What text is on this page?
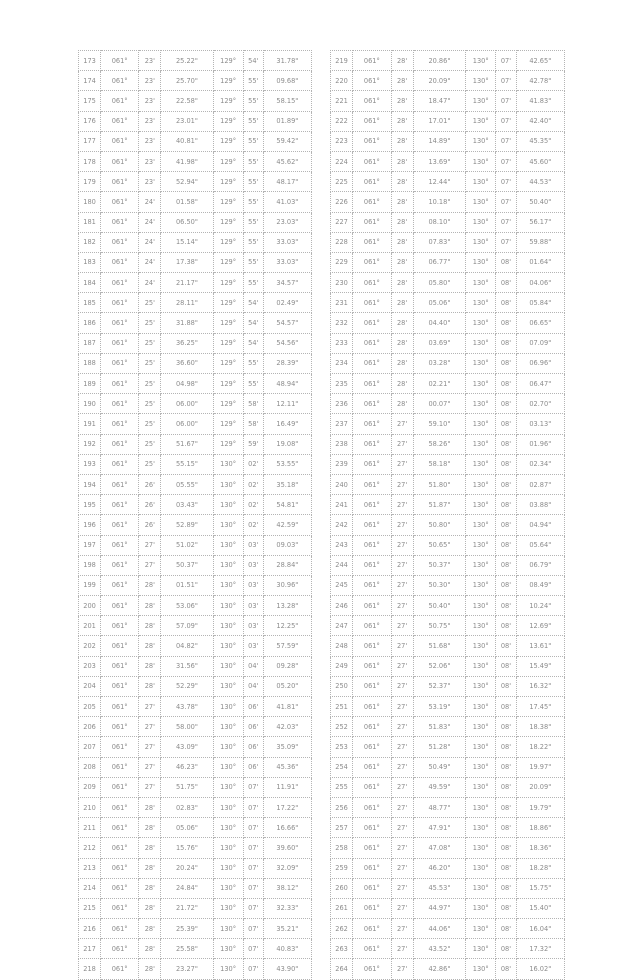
173	061°	23'	25.22"	129°	54'	31.78"
174	061°	23'	25.70"	129°	55'	09.68"
175	061°	23'	22.58"	129°	55'	58.15"
176	061°	23'	23.01"	129°	55'	01.89"
177	061°	23'	40.81"	129°	55'	59.42"
178	061°	23'	41.98"	129°	55'	45.62"
179	061°	23'	52.94"	129°	55'	48.17"
180	061°	24'	01.58"	129°	55'	41.03"
181	061°	24'	06.50"	129°	55'	23.03"
182	061°	24'	15.14"	129°	55'	33.03"
183	061°	24'	17.38"	129°	55'	33.03"
184	061°	24'	21.17"	129°	55'	34.57"
185	061°	25'	28.11"	129°	54'	02.49"
186	061°	25'	31.88"	129°	54'	54.57"
187	061°	25'	36.25"	129°	54'	54.56"
188	061°	25'	36.60"	129°	55'	28.39"
189	061°	25'	04.98"	129°	55'	48.94"
190	061°	25'	06.00"	129°	58'	12.11"
191	061°	25'	06.00"	129°	58'	16.49"
192	061°	25'	51.67"	129°	59'	19.08"
193	061°	25'	55.15"	130°	02'	53.55"
194	061°	26'	05.55"	130°	02'	35.18"
195	061°	26'	03.43"	130°	02'	54.81"
196	061°	26'	52.89"	130°	02'	42.59"
197	061°	27'	51.02"	130°	03'	09.03"
198	061°	27'	50.37"	130°	03'	28.84"
199	061°	28'	01.51"	130°	03'	30.96"
200	061°	28'	53.06"	130°	03'	13.28"
201	061°	28'	57.09"	130°	03'	12.25"
202	061°	28'	04.82"	130°	03'	57.59"
203	061°	28'	31.56"	130°	04'	09.28"
204	061°	28'	52.29"	130°	04'	05.20"
205	061°	27'	43.78"	130°	06'	41.81"
206	061°	27'	58.00"	130°	06'	42.03"
207	061°	27'	43.09"	130°	06'	35.09"
208	061°	27'	46.23"	130°	06'	45.36"
209	061°	27'	51.75"	130°	07'	11.91"
210	061°	28'	02.83"	130°	07'	17.22"
211	061°	28'	05.06"	130°	07'	16.66"
212	061°	28'	15.76"	130°	07'	39.60"
213	061°	28'	20.24"	130°	07'	32.09"
214	061°	28'	24.84"	130°	07'	38.12"
215	061°	28'	21.72"	130°	07'	32.33"
216	061°	28'	25.39"	130°	07'	35.21"
217	061°	28'	25.58"	130°	07'	40.83"
218	061°	28'	23.27"	130°	07'	43.90"
219	061°	28'	20.86"	130°	07'	42.65"
220	061°	28'	20.09"	130°	07'	42.78"
221	061°	28'	18.47"	130°	07'	41.83"
222	061°	28'	17.01"	130°	07'	42.40"
223	061°	28'	14.89"	130°	07'	45.35"
224	061°	28'	13.69"	130°	07'	45.60"
225	061°	28'	12.44"	130°	07'	44.53"
226	061°	28'	10.18"	130°	07'	50.40"
227	061°	28'	08.10"	130°	07'	56.17"
228	061°	28'	07.83"	130°	07'	59.88"
229	061°	28'	06.77"	130°	08'	01.64"
230	061°	28'	05.80"	130°	08'	04.06"
231	061°	28'	05.06"	130°	08'	05.84"
232	061°	28'	04.40"	130°	08'	06.65"
233	061°	28'	03.69"	130°	08'	07.09"
234	061°	28'	03.28"	130°	08'	06.96"
235	061°	28'	02.21"	130°	08'	06.47"
236	061°	28'	00.07"	130°	08'	02.70"
237	061°	27'	59.10"	130°	08'	03.13"
238	061°	27'	58.26"	130°	08'	01.96"
239	061°	27'	58.18"	130°	08'	02.34"
240	061°	27'	51.80"	130°	08'	02.87"
241	061°	27'	51.87"	130°	08'	03.88"
242	061°	27'	50.80"	130°	08'	04.94"
243	061°	27'	50.65"	130°	08'	05.64"
244	061°	27'	50.37"	130°	08'	06.79"
245	061°	27'	50.30"	130°	08'	08.49"
246	061°	27'	50.40"	130°	08'	10.24"
247	061°	27'	50.75"	130°	08'	12.69"
248	061°	27'	51.68"	130°	08'	13.61"
249	061°	27'	52.06"	130°	08'	15.49"
250	061°	27'	52.37"	130°	08'	16.32"
251	061°	27'	53.19"	130°	08'	17.45"
252	061°	27'	51.83"	130°	08'	18.38"
253	061°	27'	51.28"	130°	08'	18.22"
254	061°	27'	50.49"	130°	08'	19.97"
255	061°	27'	49.59"	130°	08'	20.09"
256	061°	27'	48.77"	130°	08'	19.79"
257	061°	27'	47.91"	130°	08'	18.86"
258	061°	27'	47.08"	130°	08'	18.36"
259	061°	27'	46.20"	130°	08'	18.28"
260	061°	27'	45.53"	130°	08'	15.75"
261	061°	27'	44.97"	130°	08'	15.40"
262	061°	27'	44.06"	130°	08'	16.04"
263	061°	27'	43.52"	130°	08'	17.32"
264	061°	27'	42.86"	130°	08'	16.02"
